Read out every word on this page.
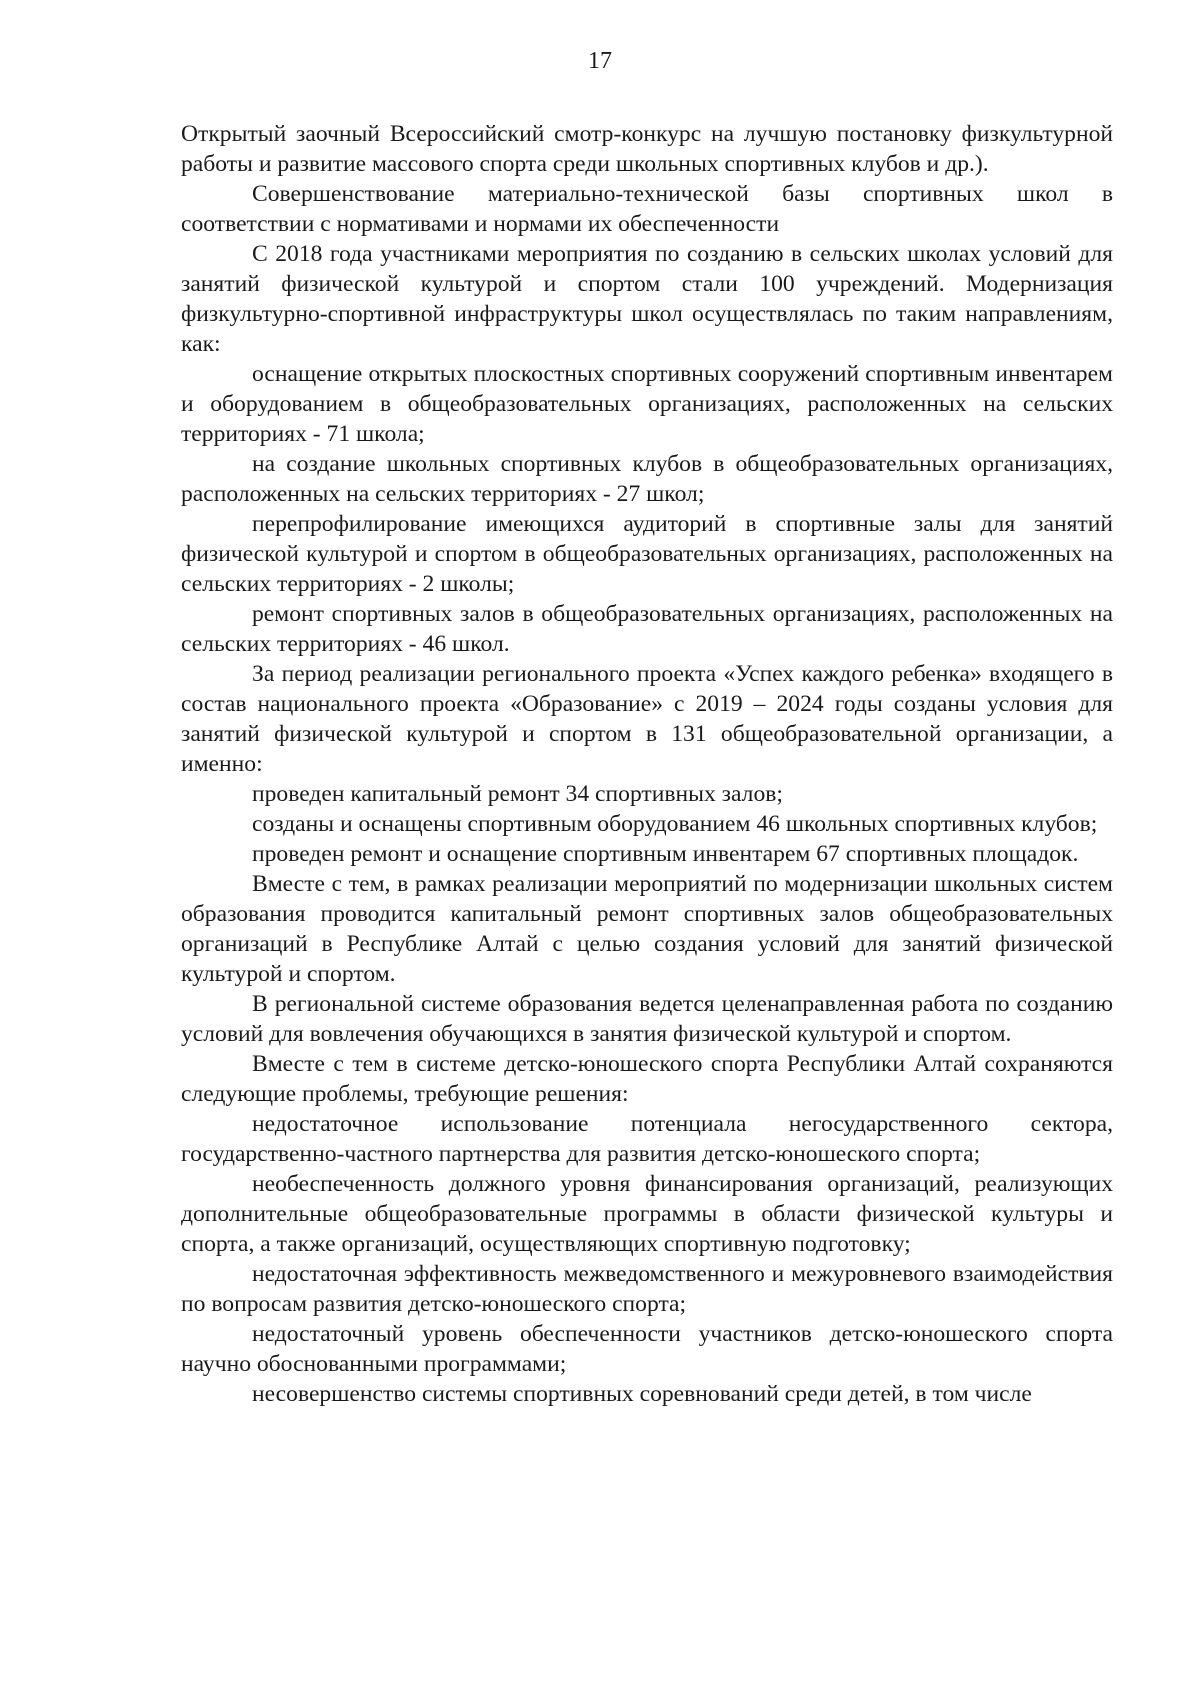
17

Открытый заочный Всероссийский смотр-конкурс на лучшую постановку физкультурной работы и развитие массового спорта среди школьных спортивных клубов и др.).

Совершенствование материально-технической базы спортивных школ в соответствии с нормативами и нормами их обеспеченности

С 2018 года участниками мероприятия по созданию в сельских школах условий для занятий физической культурой и спортом стали 100 учреждений. Модернизация физкультурно-спортивной инфраструктуры школ осуществлялась по таким направлениям, как:

оснащение открытых плоскостных спортивных сооружений спортивным инвентарем и оборудованием в общеобразовательных организациях, расположенных на сельских территориях - 71 школа;

на создание школьных спортивных клубов в общеобразовательных организациях, расположенных на сельских территориях - 27 школ;

перепрофилирование имеющихся аудиторий в спортивные залы для занятий физической культурой и спортом в общеобразовательных организациях, расположенных на сельских территориях - 2 школы;

ремонт спортивных залов в общеобразовательных организациях, расположенных на сельских территориях - 46 школ.

За период реализации регионального проекта «Успех каждого ребенка» входящего в состав национального проекта «Образование» с 2019 – 2024 годы созданы условия для занятий физической культурой и спортом в 131 общеобразовательной организации, а именно:

проведен капитальный ремонт 34 спортивных залов;

созданы и оснащены спортивным оборудованием 46 школьных спортивных клубов;

проведен ремонт и оснащение спортивным инвентарем 67 спортивных площадок.

Вместе с тем, в рамках реализации мероприятий по модернизации школьных систем образования проводится капитальный ремонт спортивных залов общеобразовательных организаций в Республике Алтай с целью создания условий для занятий физической культурой и спортом.

В региональной системе образования ведется целенаправленная работа по созданию условий для вовлечения обучающихся в занятия физической культурой и спортом.

Вместе с тем в системе детско-юношеского спорта Республики Алтай сохраняются следующие проблемы, требующие решения:

недостаточное использование потенциала негосударственного сектора, государственно-частного партнерства для развития детско-юношеского спорта;

необеспеченность должного уровня финансирования организаций, реализующих дополнительные общеобразовательные программы в области физической культуры и спорта, а также организаций, осуществляющих спортивную подготовку;

недостаточная эффективность межведомственного и межуровневого взаимодействия по вопросам развития детско-юношеского спорта;

недостаточный уровень обеспеченности участников детско-юношеского спорта научно обоснованными программами;

несовершенство системы спортивных соревнований среди детей, в том числе
